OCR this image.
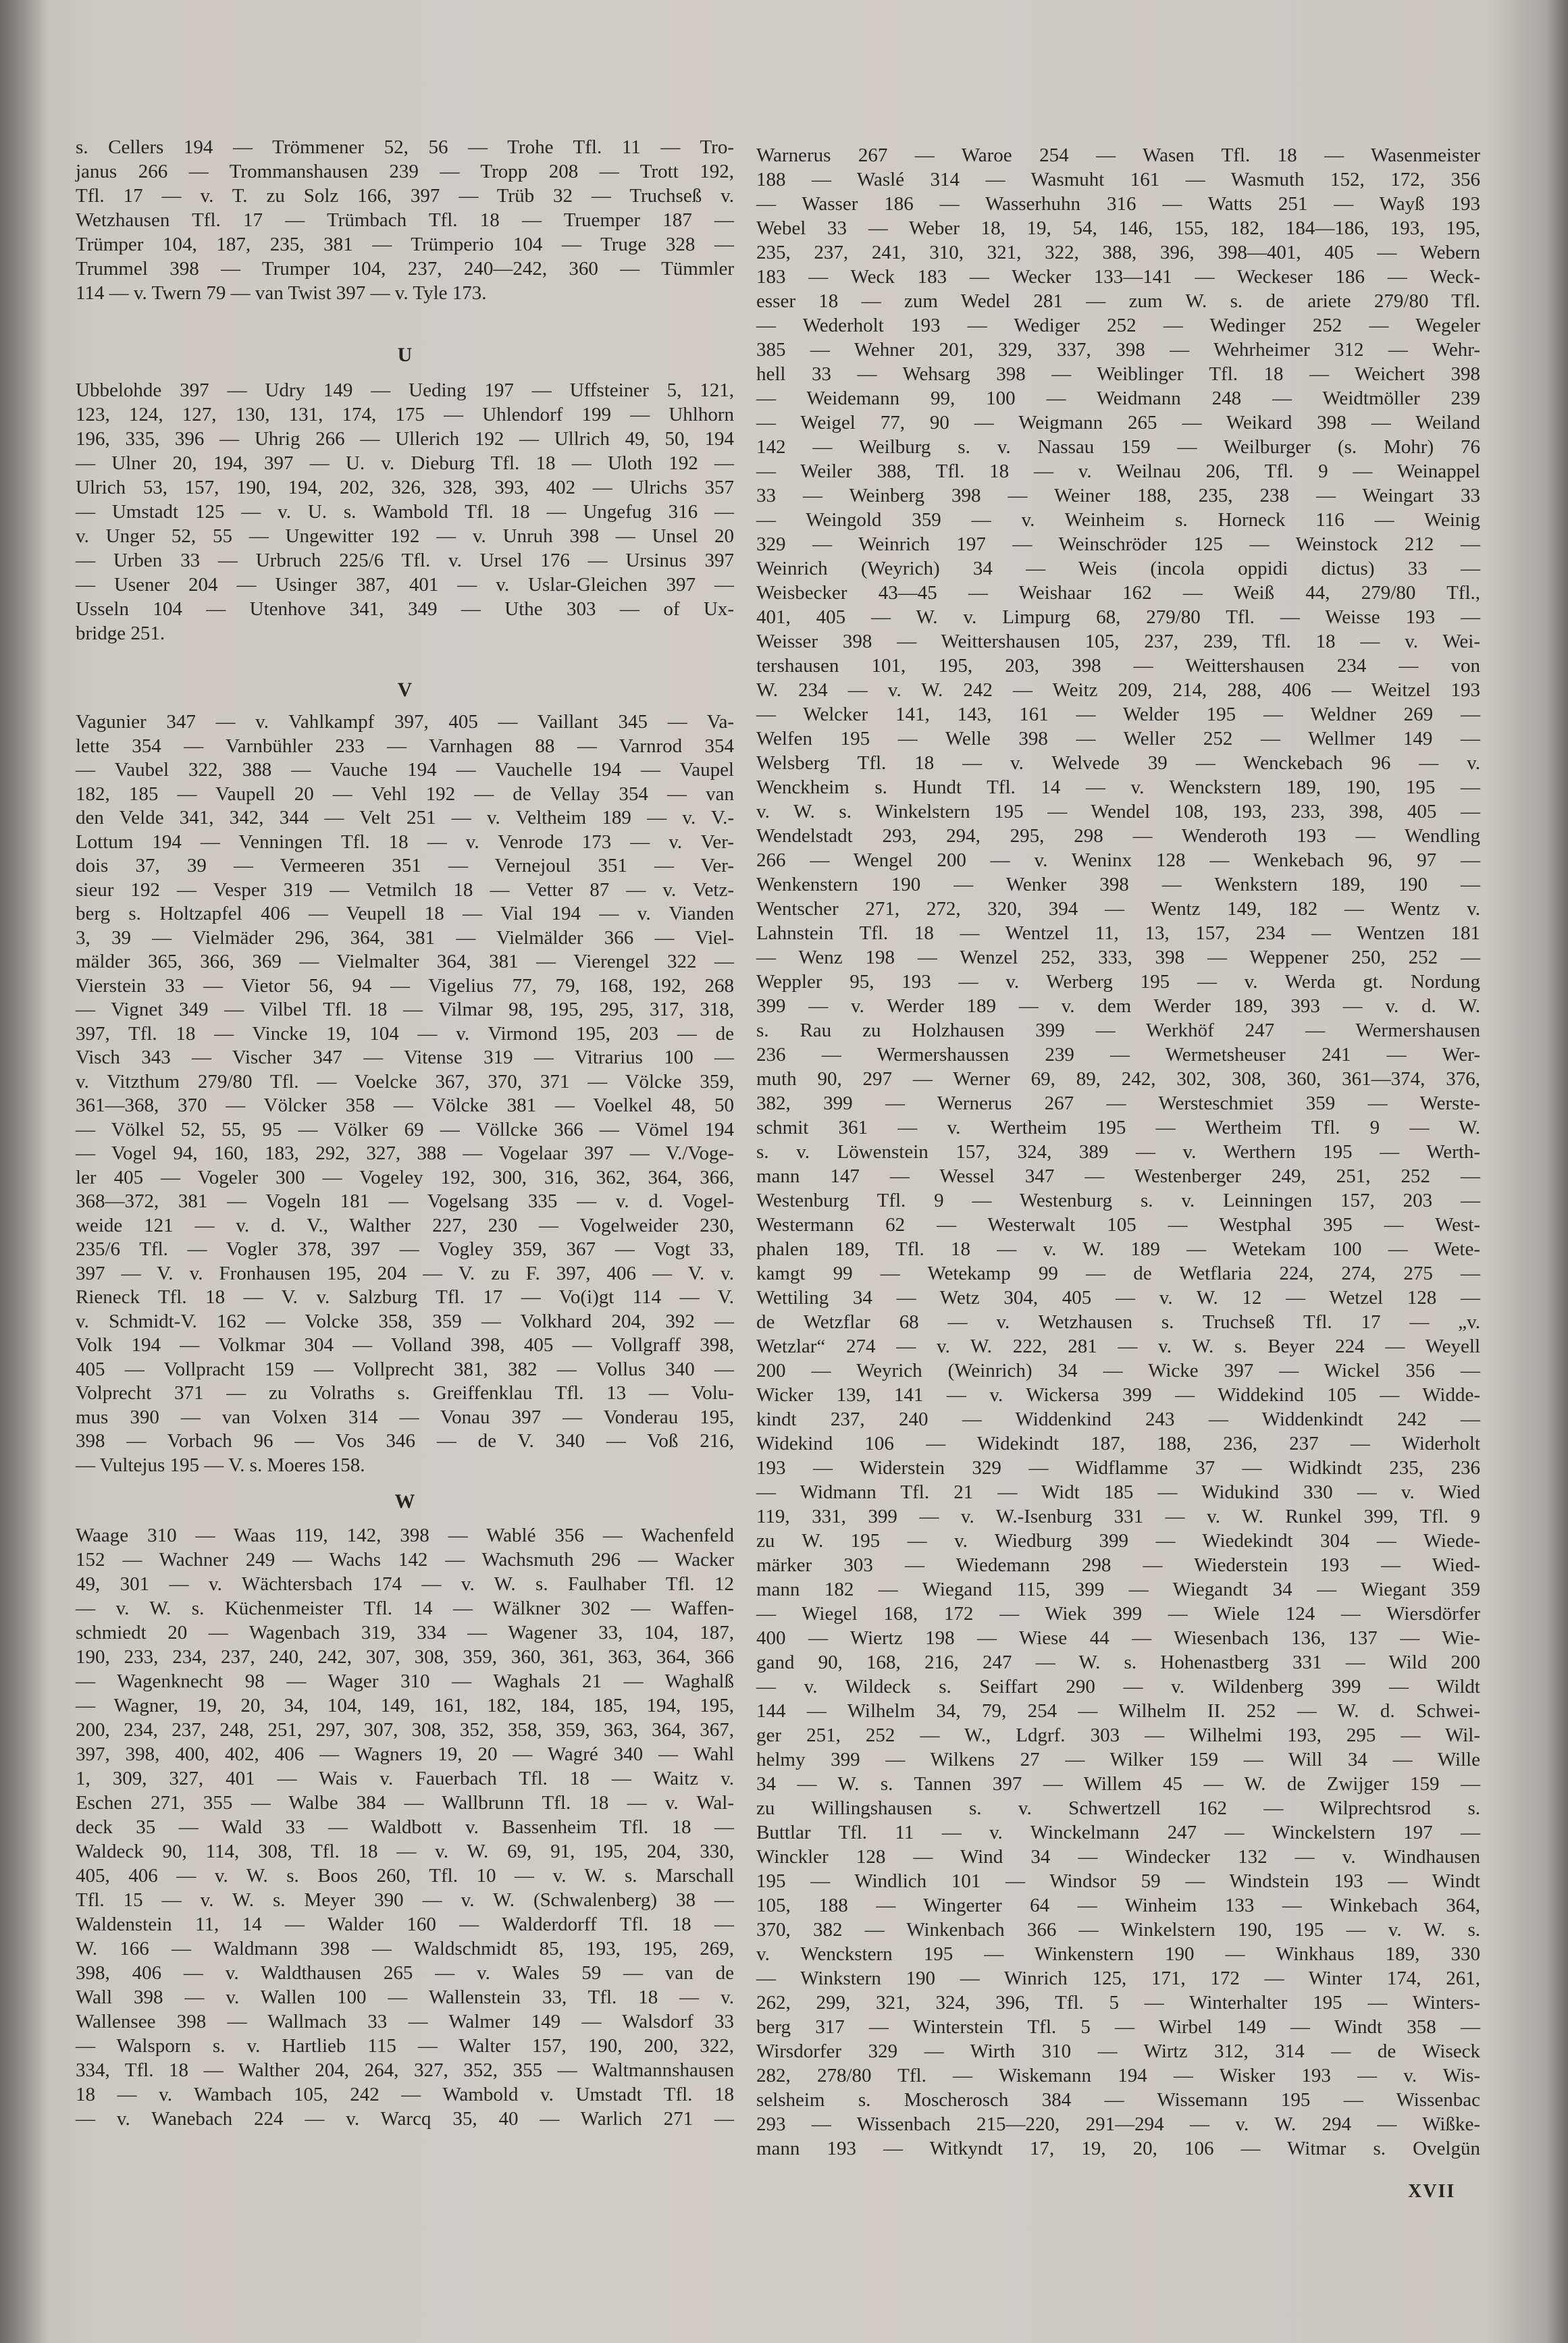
s. Cellers 194 — Trömmener 52, 56 — Trohe Tfl. 11 — Tro-
janus 266 — Trommanshausen 239 — Tropp 208 — Trott 192,
Tfl. 17 — v. T. zu Solz 166, 397 — Trüb 32 — Truchseß v.
Wetzhausen Tfl. 17 — Trümbach Tfl. 18 — Truemper 187 —
Trümper 104, 187, 235, 381 — Trümperio 104 — Truge 328 —
Trummel 398 — Trumper 104, 237, 240—242, 360 — Tümmler
114 — v. Twern 79 — van Twist 397 — v. Tyle 173.
U
Ubbelohde 397 — Udry 149 — Ueding 197 — Uffsteiner 5, 121,
123, 124, 127, 130, 131, 174, 175 — Uhlendorf 199 — Uhlhorn
196, 335, 396 — Uhrig 266 — Ullerich 192 — Ullrich 49, 50, 194
— Ulner 20, 194, 397 — U. v. Dieburg Tfl. 18 — Uloth 192 —
Ulrich 53, 157, 190, 194, 202, 326, 328, 393, 402 — Ulrichs 357
— Umstadt 125 — v. U. s. Wambold Tfl. 18 — Ungefug 316 —
v. Unger 52, 55 — Ungewitter 192 — v. Unruh 398 — Unsel 20
— Urben 33 — Urbruch 225/6 Tfl. v. Ursel 176 — Ursinus 397
— Usener 204 — Usinger 387, 401 — v. Uslar-Gleichen 397 —
Usseln 104 — Utenhove 341, 349 — Uthe 303 — of Ux-
bridge 251.
V
Vagunier 347 — v. Vahlkampf 397, 405 — Vaillant 345 — Va-
lette 354 — Varnbühler 233 — Varnhagen 88 — Varnrod 354
— Vaubel 322, 388 — Vauche 194 — Vauchelle 194 — Vaupel
182, 185 — Vaupell 20 — Vehl 192 — de Vellay 354 — van
den Velde 341, 342, 344 — Velt 251 — v. Veltheim 189 — v. V.-
Lottum 194 — Venningen Tfl. 18 — v. Venrode 173 — v. Ver-
dois 37, 39 — Vermeeren 351 — Vernejoul 351 — Ver-
sieur 192 — Vesper 319 — Vetmilch 18 — Vetter 87 — v. Vetz-
berg s. Holtzapfel 406 — Veupell 18 — Vial 194 — v. Vianden
3, 39 — Vielmäder 296, 364, 381 — Vielmälder 366 — Viel-
mälder 365, 366, 369 — Vielmalter 364, 381 — Vierengel 322 —
Vierstein 33 — Vietor 56, 94 — Vigelius 77, 79, 168, 192, 268
— Vignet 349 — Vilbel Tfl. 18 — Vilmar 98, 195, 295, 317, 318,
397, Tfl. 18 — Vincke 19, 104 — v. Virmond 195, 203 — de
Visch 343 — Vischer 347 — Vitense 319 — Vitrarius 100 —
v. Vitzthum 279/80 Tfl. — Voelcke 367, 370, 371 — Völcke 359,
361—368, 370 — Völcker 358 — Völcke 381 — Voelkel 48, 50
— Völkel 52, 55, 95 — Völker 69 — Völlcke 366 — Vömel 194
— Vogel 94, 160, 183, 292, 327, 388 — Vogelaar 397 — V./Voge-
ler 405 — Vogeler 300 — Vogeley 192, 300, 316, 362, 364, 366,
368—372, 381 — Vogeln 181 — Vogelsang 335 — v. d. Vogel-
weide 121 — v. d. V., Walther 227, 230 — Vogelweider 230,
235/6 Tfl. — Vogler 378, 397 — Vogley 359, 367 — Vogt 33,
397 — V. v. Fronhausen 195, 204 — V. zu F. 397, 406 — V. v.
Rieneck Tfl. 18 — V. v. Salzburg Tfl. 17 — Vo(i)gt 114 — V.
v. Schmidt-V. 162 — Volcke 358, 359 — Volkhard 204, 392 —
Volk 194 — Volkmar 304 — Volland 398, 405 — Vollgraff 398,
405 — Vollpracht 159 — Vollprecht 381, 382 — Vollus 340 —
Volprecht 371 — zu Volraths s. Greiffenklau Tfl. 13 — Volu-
mus 390 — van Volxen 314 — Vonau 397 — Vonderau 195,
398 — Vorbach 96 — Vos 346 — de V. 340 — Voß 216,
— Vultejus 195 — V. s. Moeres 158.
W
Waage 310 — Waas 119, 142, 398 — Wablé 356 — Wachenfeld
152 — Wachner 249 — Wachs 142 — Wachsmuth 296 — Wacker
49, 301 — v. Wächtersbach 174 — v. W. s. Faulhaber Tfl. 12
— v. W. s. Küchenmeister Tfl. 14 — Wälkner 302 — Waffen-
schmiedt 20 — Wagenbach 319, 334 — Wagener 33, 104, 187,
190, 233, 234, 237, 240, 242, 307, 308, 359, 360, 361, 363, 364, 366
— Wagenknecht 98 — Wager 310 — Waghals 21 — Waghalß
— Wagner, 19, 20, 34, 104, 149, 161, 182, 184, 185, 194, 195,
200, 234, 237, 248, 251, 297, 307, 308, 352, 358, 359, 363, 364, 367,
397, 398, 400, 402, 406 — Wagners 19, 20 — Wagré 340 — Wahl
1, 309, 327, 401 — Wais v. Fauerbach Tfl. 18 — Waitz v.
Eschen 271, 355 — Walbe 384 — Wallbrunn Tfl. 18 — v. Wal-
deck 35 — Wald 33 — Waldbott v. Bassenheim Tfl. 18 —
Waldeck 90, 114, 308, Tfl. 18 — v. W. 69, 91, 195, 204, 330,
405, 406 — v. W. s. Boos 260, Tfl. 10 — v. W. s. Marschall
Tfl. 15 — v. W. s. Meyer 390 — v. W. (Schwalenberg) 38 —
Waldenstein 11, 14 — Walder 160 — Walderdorff Tfl. 18 —
W. 166 — Waldmann 398 — Waldschmidt 85, 193, 195, 269,
398, 406 — v. Waldthausen 265 — v. Wales 59 — van de
Wall 398 — v. Wallen 100 — Wallenstein 33, Tfl. 18 — v.
Wallensee 398 — Wallmach 33 — Walmer 149 — Walsdorf 33
— Walsporn s. v. Hartlieb 115 — Walter 157, 190, 200, 322,
334, Tfl. 18 — Walther 204, 264, 327, 352, 355 — Waltmannshausen
18 — v. Wambach 105, 242 — Wambold v. Umstadt Tfl. 18
— v. Wanebach 224 — v. Warcq 35, 40 — Warlich 271 —
Warnerus 267 — Waroe 254 — Wasen Tfl. 18 — Wasenmeister
188 — Waslé 314 — Wasmuht 161 — Wasmuth 152, 172, 356
— Wasser 186 — Wasserhuhn 316 — Watts 251 — Wayß 193
Webel 33 — Weber 18, 19, 54, 146, 155, 182, 184—186, 193, 195,
235, 237, 241, 310, 321, 322, 388, 396, 398—401, 405 — Webern
183 — Weck 183 — Wecker 133—141 — Weckeser 186 — Weck-
esser 18 — zum Wedel 281 — zum W. s. de ariete 279/80 Tfl.
— Wederholt 193 — Wediger 252 — Wedinger 252 — Wegeler
385 — Wehner 201, 329, 337, 398 — Wehrheimer 312 — Wehr-
hell 33 — Wehsarg 398 — Weiblinger Tfl. 18 — Weichert 398
— Weidemann 99, 100 — Weidmann 248 — Weidtmöller 239
— Weigel 77, 90 — Weigmann 265 — Weikard 398 — Weiland
142 — Weilburg s. v. Nassau 159 — Weilburger (s. Mohr) 76
— Weiler 388, Tfl. 18 — v. Weilnau 206, Tfl. 9 — Weinappel
33 — Weinberg 398 — Weiner 188, 235, 238 — Weingart 33
— Weingold 359 — v. Weinheim s. Horneck 116 — Weinig
329 — Weinrich 197 — Weinschröder 125 — Weinstock 212 —
Weinrich (Weyrich) 34 — Weis (incola oppidi dictus) 33 —
Weisbecker 43—45 — Weishaar 162 — Weiß 44, 279/80 Tfl.,
401, 405 — W. v. Limpurg 68, 279/80 Tfl. — Weisse 193 —
Weisser 398 — Weittershausen 105, 237, 239, Tfl. 18 — v. Wei-
tershausen 101, 195, 203, 398 — Weittershausen 234 — von
W. 234 — v. W. 242 — Weitz 209, 214, 288, 406 — Weitzel 193
— Welcker 141, 143, 161 — Welder 195 — Weldner 269 —
Welfen 195 — Welle 398 — Weller 252 — Wellmer 149 —
Welsberg Tfl. 18 — v. Welvede 39 — Wenckebach 96 — v.
Wenckheim s. Hundt Tfl. 14 — v. Wenckstern 189, 190, 195 —
v. W. s. Winkelstern 195 — Wendel 108, 193, 233, 398, 405 —
Wendelstadt 293, 294, 295, 298 — Wenderoth 193 — Wendling
266 — Wengel 200 — v. Weninx 128 — Wenkebach 96, 97 —
Wenkenstern 190 — Wenker 398 — Wenkstern 189, 190 —
Wentscher 271, 272, 320, 394 — Wentz 149, 182 — Wentz v.
Lahnstein Tfl. 18 — Wentzel 11, 13, 157, 234 — Wentzen 181
— Wenz 198 — Wenzel 252, 333, 398 — Weppener 250, 252 —
Weppler 95, 193 — v. Werberg 195 — v. Werda gt. Nordung
399 — v. Werder 189 — v. dem Werder 189, 393 — v. d. W.
s. Rau zu Holzhausen 399 — Werkhöf 247 — Wermershausen
236 — Wermershaussen 239 — Wermetsheuser 241 — Wer-
muth 90, 297 — Werner 69, 89, 242, 302, 308, 360, 361—374, 376,
382, 399 — Wernerus 267 — Wersteschmiet 359 — Werste-
schmit 361 — v. Wertheim 195 — Wertheim Tfl. 9 — W.
s. v. Löwenstein 157, 324, 389 — v. Werthern 195 — Werth-
mann 147 — Wessel 347 — Westenberger 249, 251, 252 —
Westenburg Tfl. 9 — Westenburg s. v. Leinningen 157, 203 —
Westermann 62 — Westerwalt 105 — Westphal 395 — West-
phalen 189, Tfl. 18 — v. W. 189 — Wetekam 100 — Wete-
kamgt 99 — Wetekamp 99 — de Wetflaria 224, 274, 275 —
Wettiling 34 — Wetz 304, 405 — v. W. 12 — Wetzel 128 —
de Wetzflar 68 — v. Wetzhausen s. Truchseß Tfl. 17 — „v.
Wetzlar“ 274 — v. W. 222, 281 — v. W. s. Beyer 224 — Weyell
200 — Weyrich (Weinrich) 34 — Wicke 397 — Wickel 356 —
Wicker 139, 141 — v. Wickersa 399 — Widdekind 105 — Widde-
kindt 237, 240 — Widdenkind 243 — Widdenkindt 242 —
Widekind 106 — Widekindt 187, 188, 236, 237 — Widerholt
193 — Widerstein 329 — Widflamme 37 — Widkindt 235, 236
— Widmann Tfl. 21 — Widt 185 — Widukind 330 — v. Wied
119, 331, 399 — v. W.-Isenburg 331 — v. W. Runkel 399, Tfl. 9
zu W. 195 — v. Wiedburg 399 — Wiedekindt 304 — Wiede-
märker 303 — Wiedemann 298 — Wiederstein 193 — Wied-
mann 182 — Wiegand 115, 399 — Wiegandt 34 — Wiegant 359
— Wiegel 168, 172 — Wiek 399 — Wiele 124 — Wiersdörfer
400 — Wiertz 198 — Wiese 44 — Wiesenbach 136, 137 — Wie-
gand 90, 168, 216, 247 — W. s. Hohenastberg 331 — Wild 200
— v. Wildeck s. Seiffart 290 — v. Wildenberg 399 — Wildt
144 — Wilhelm 34, 79, 254 — Wilhelm II. 252 — W. d. Schwei-
ger 251, 252 — W., Ldgrf. 303 — Wilhelmi 193, 295 — Wil-
helmy 399 — Wilkens 27 — Wilker 159 — Will 34 — Wille
34 — W. s. Tannen 397 — Willem 45 — W. de Zwijger 159 —
zu Willingshausen s. v. Schwertzell 162 — Wilprechtsrod s.
Buttlar Tfl. 11 — v. Winckelmann 247 — Winckelstern 197 —
Winckler 128 — Wind 34 — Windecker 132 — v. Windhausen
195 — Windlich 101 — Windsor 59 — Windstein 193 — Windt
105, 188 — Wingerter 64 — Winheim 133 — Winkebach 364,
370, 382 — Winkenbach 366 — Winkelstern 190, 195 — v. W. s.
v. Wenckstern 195 — Winkenstern 190 — Winkhaus 189, 330
— Winkstern 190 — Winrich 125, 171, 172 — Winter 174, 261,
262, 299, 321, 324, 396, Tfl. 5 — Winterhalter 195 — Winters-
berg 317 — Winterstein Tfl. 5 — Wirbel 149 — Windt 358 —
Wirsdorfer 329 — Wirth 310 — Wirtz 312, 314 — de Wiseck
282, 278/80 Tfl. — Wiskemann 194 — Wisker 193 — v. Wis-
selsheim s. Moscherosch 384 — Wissemann 195 — Wissenbac
293 — Wissenbach 215—220, 291—294 — v. W. 294 — Wißke-
mann 193 — Witkyndt 17, 19, 20, 106 — Witmar s. Ovelgün
XVII
